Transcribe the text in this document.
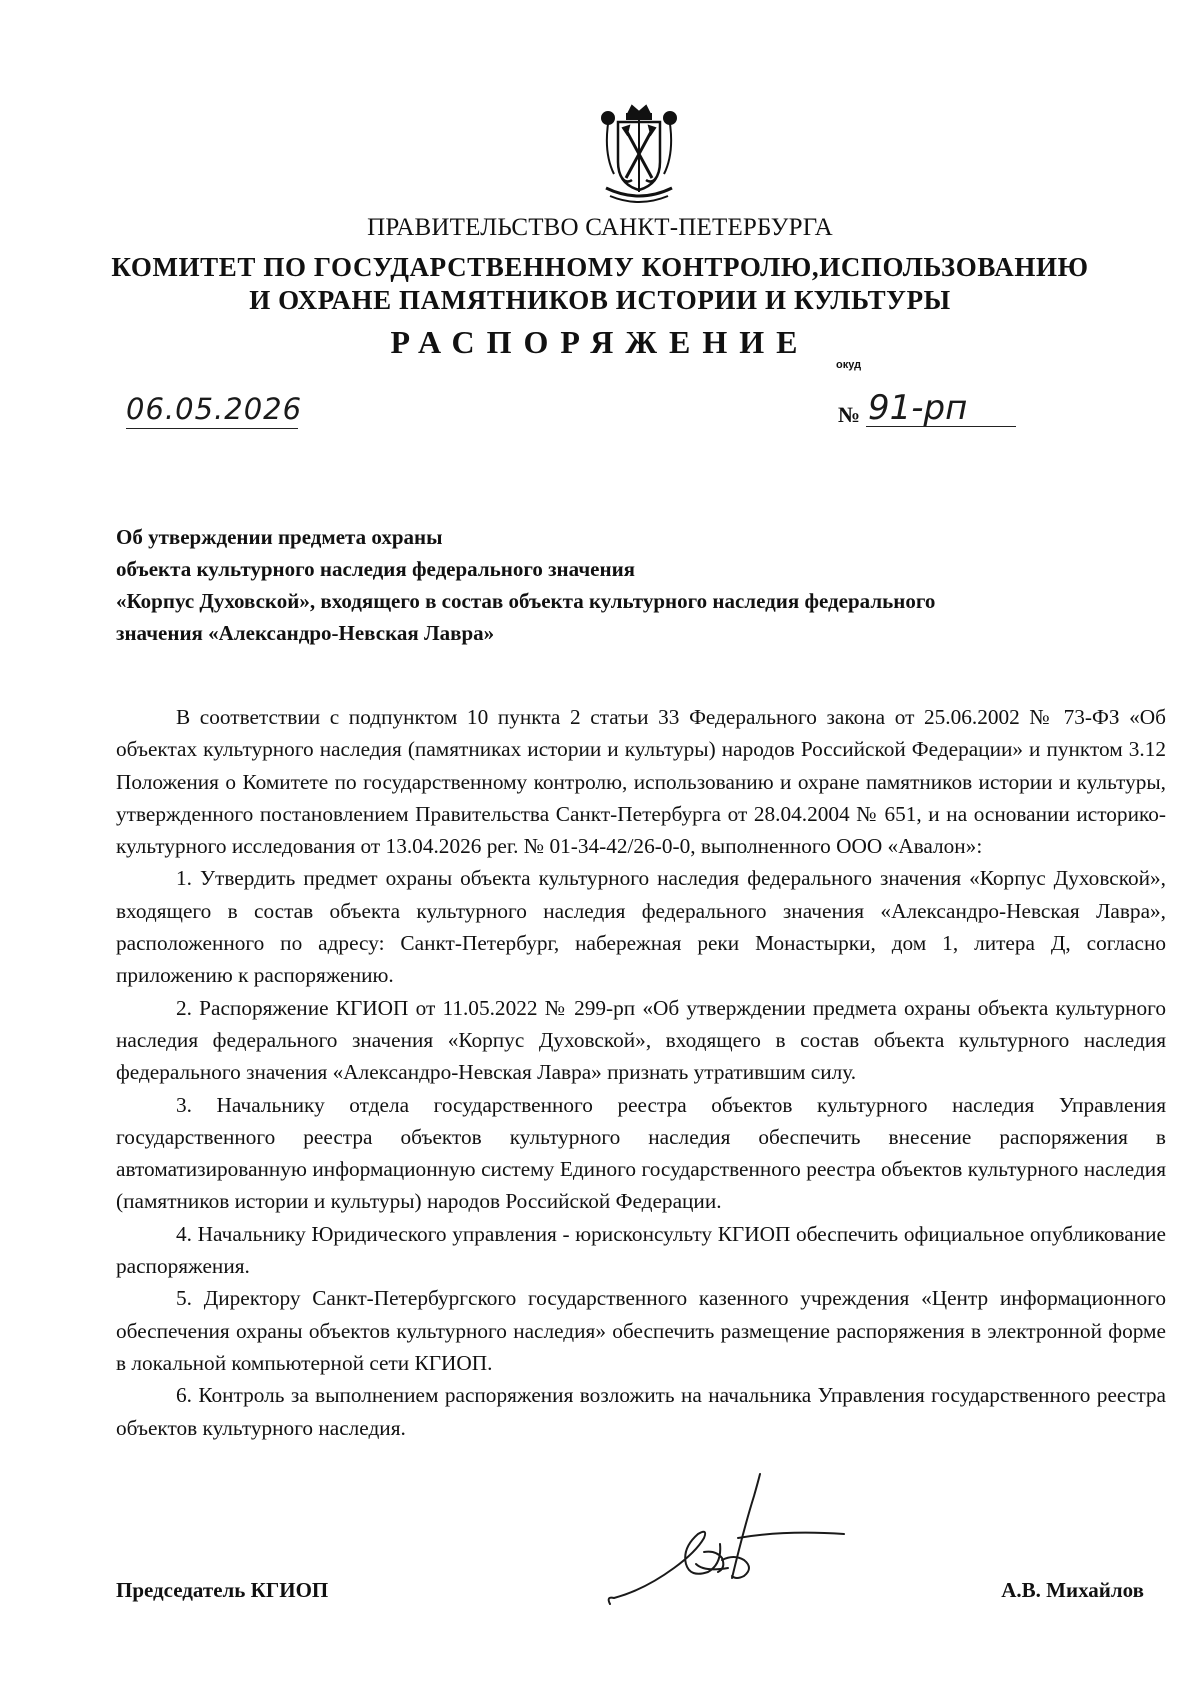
ПРАВИТЕЛЬСТВО САНКТ-ПЕТЕРБУРГА
КОМИТЕТ ПО ГОСУДАРСТВЕННОМУ КОНТРОЛЮ,ИСПОЛЬЗОВАНИЮ
И ОХРАНЕ ПАМЯТНИКОВ ИСТОРИИ И КУЛЬТУРЫ
РАСПОРЯЖЕНИЕ
окуд
06.05.2026	№ 91-рп
Об утверждении предмета охраны
объекта культурного наследия федерального значения
«Корпус Духовской», входящего в состав объекта культурного наследия федерального
значения «Александро-Невская Лавра»

В соответствии с подпунктом 10 пункта 2 статьи 33 Федерального закона от 25.06.2002 № 73-ФЗ «Об объектах культурного наследия (памятниках истории и культуры) народов Российской Федерации» и пунктом 3.12 Положения о Комитете по государственному контролю, использованию и охране памятников истории и культуры, утвержденного постановлением Правительства Санкт-Петербурга от 28.04.2004 № 651, и на основании историко-культурного исследования от 13.04.2026 рег. № 01-34-42/26-0-0, выполненного ООО «Авалон»:

1. Утвердить предмет охраны объекта культурного наследия федерального значения «Корпус Духовской», входящего в состав объекта культурного наследия федерального значения «Александро-Невская Лавра», расположенного по адресу: Санкт-Петербург, набережная реки Монастырки, дом 1, литера Д, согласно приложению к распоряжению.

2. Распоряжение КГИОП от 11.05.2022 № 299-рп «Об утверждении предмета охраны объекта культурного наследия федерального значения «Корпус Духовской», входящего в состав объекта культурного наследия федерального значения «Александро-Невская Лавра» признать утратившим силу.

3. Начальнику отдела государственного реестра объектов культурного наследия Управления государственного реестра объектов культурного наследия обеспечить внесение распоряжения в автоматизированную информационную систему Единого государственного реестра объектов культурного наследия (памятников истории и культуры) народов Российской Федерации.

4. Начальнику Юридического управления - юрисконсульту КГИОП обеспечить официальное опубликование распоряжения.

5. Директору Санкт-Петербургского государственного казенного учреждения «Центр информационного обеспечения охраны объектов культурного наследия» обеспечить размещение распоряжения в электронной форме в локальной компьютерной сети КГИОП.

6. Контроль за выполнением распоряжения возложить на начальника Управления государственного реестра объектов культурного наследия.

Председатель КГИОП	А.В. Михайлов
